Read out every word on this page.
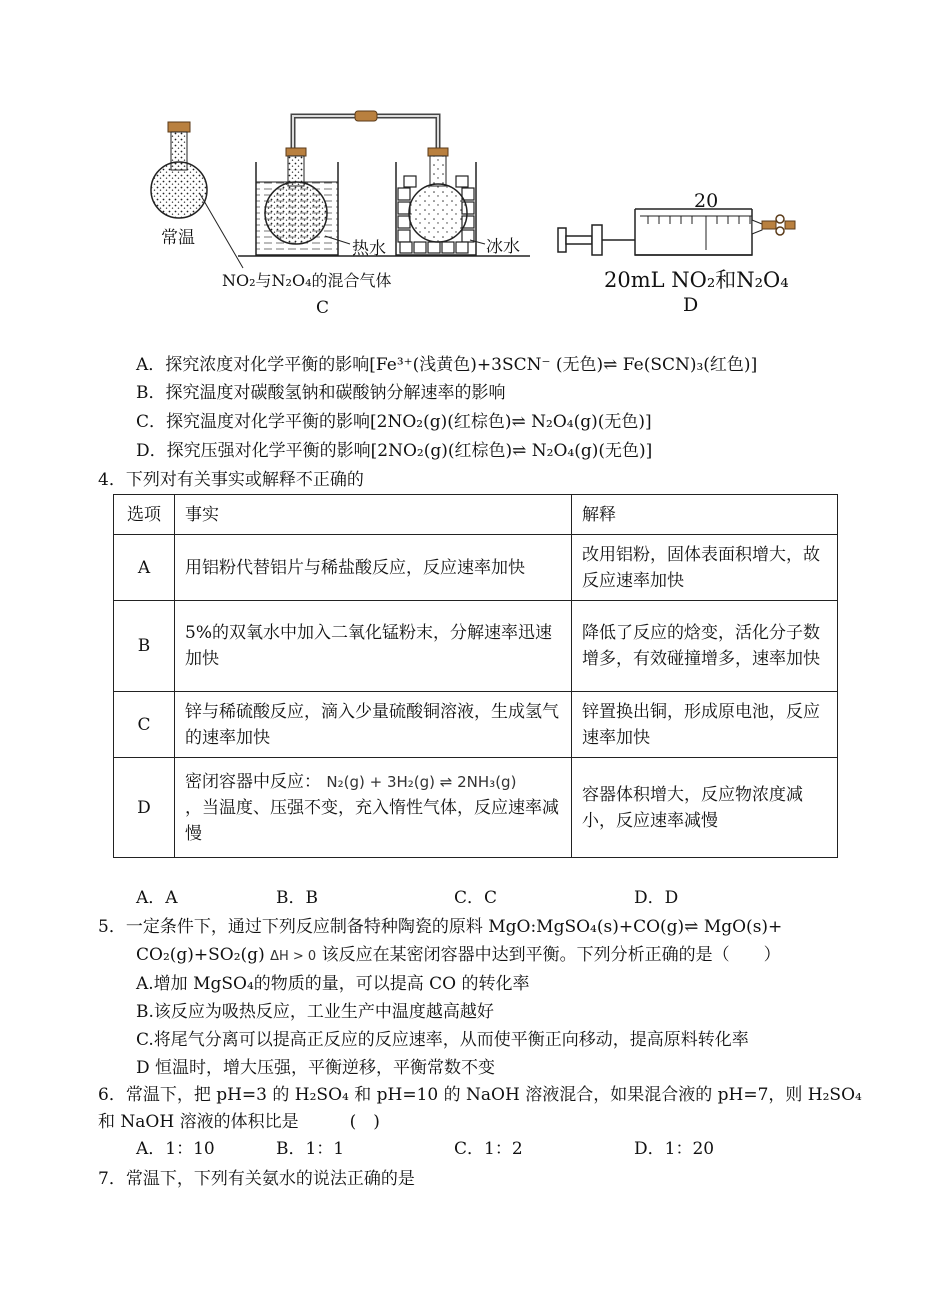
常温
热水	冰水
NO₂与N₂O₄的混合气体
C
20
20mL NO₂和N₂O₄
D
A．探究浓度对化学平衡的影响[Fe³⁺(浅黄色)+3SCN⁻ (无色)⇌ Fe(SCN)₃(红色)]
B．探究温度对碳酸氢钠和碳酸钠分解速率的影响
C．探究温度对化学平衡的影响[2NO₂(g)(红棕色)⇌ N₂O₄(g)(无色)]
D．探究压强对化学平衡的影响[2NO₂(g)(红棕色)⇌ N₂O₄(g)(无色)]
4．下列对有关事实或解释不正确的
选项	事实	解释
A	用铝粉代替铝片与稀盐酸反应，反应速率加快	改用铝粉，固体表面积增大，故反应速率加快
B	5%的双氧水中加入二氧化锰粉末，分解速率迅速加快	降低了反应的焓变，活化分子数增多，有效碰撞增多，速率加快
C	锌与稀硫酸反应，滴入少量硫酸铜溶液，生成氢气的速率加快	锌置换出铜，形成原电池，反应速率加快
D	密闭容器中反应： N₂(g) + 3H₂(g) ⇌ 2NH₃(g)
，当温度、压强不变，充入惰性气体，反应速率减慢	容器体积增大，反应物浓度减小，反应速率减慢
A．A	B．B	C．C	D．D
5．一定条件下，通过下列反应制备特种陶瓷的原料 MgO:MgSO₄(s)+CO(g)⇌ MgO(s)+
CO₂(g)+SO₂(g) ΔH > 0 该反应在某密闭容器中达到平衡。下列分析正确的是（　　）
A.增加 MgSO₄的物质的量，可以提高 CO 的转化率
B.该反应为吸热反应，工业生产中温度越高越好
C.将尾气分离可以提高正反应的反应速率，从而使平衡正向移动，提高原料转化率
D 恒温时，增大压强，平衡逆移，平衡常数不变
6．常温下，把 pH=3 的 H₂SO₄ 和 pH=10 的 NaOH 溶液混合，如果混合液的 pH=7，则 H₂SO₄
和 NaOH 溶液的体积比是　　　(　)
A．1：10	B．1：1	C．1：2	D．1：20
7．常温下，下列有关氨水的说法正确的是
